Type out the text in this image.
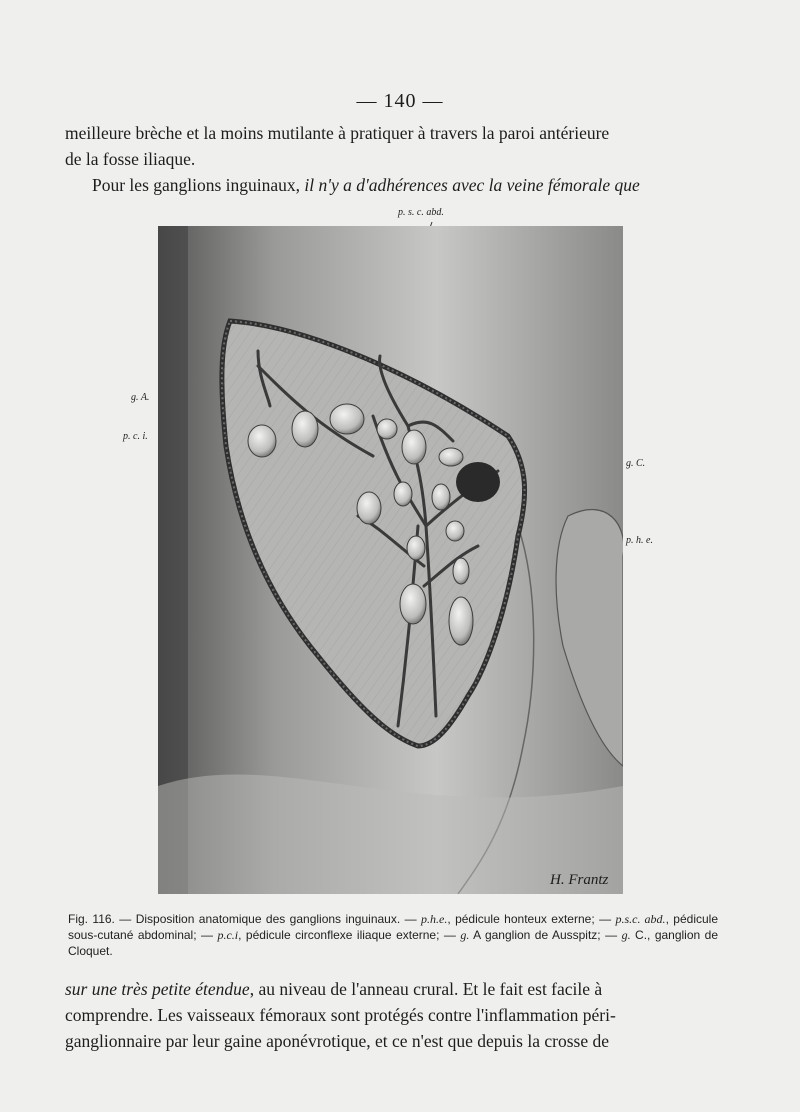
— 140 —

meilleure brèche et la moins mutilante à pratiquer à travers la paroi antérieure

de la fosse iliaque.

Pour les ganglions inguinaux, il n'y a d'adhérences avec la veine fémorale que
p. s. c. abd.
g. A.
p. c. i.
g. C.
p. h. e.
H. Frantz
Fig. 116. — Disposition anatomique des ganglions inguinaux. — p.h.e., pédicule honteux externe; — p.s.c. abd., pédicule sous-cutané abdominal; — p.c.i, pédicule circonflexe iliaque externe; — g. A ganglion de Ausspitz; — g. C., ganglion de Cloquet.

sur une très petite étendue, au niveau de l'anneau crural. Et le fait est facile à

comprendre. Les vaisseaux fémoraux sont protégés contre l'inflammation péri-

ganglionnaire par leur gaine aponévrotique, et ce n'est que depuis la crosse de
